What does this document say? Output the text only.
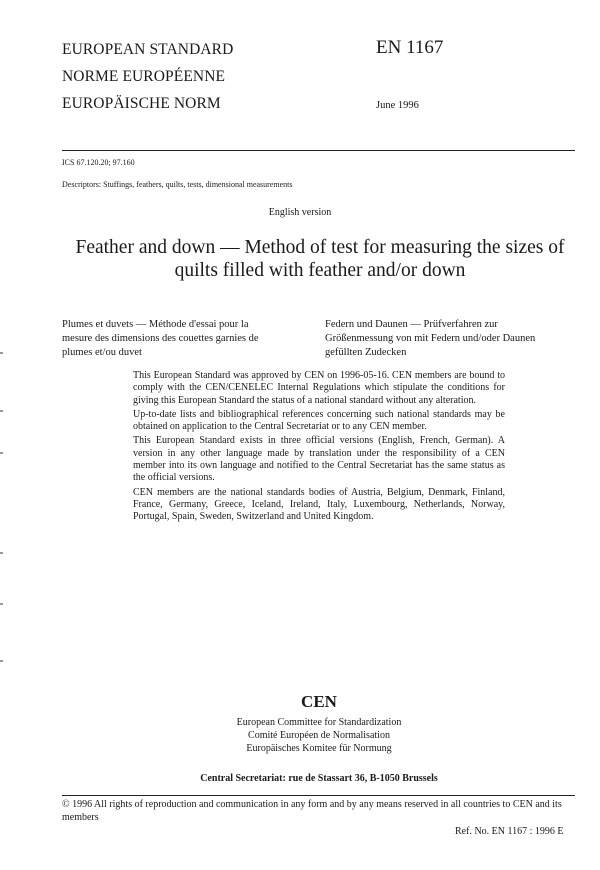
EUROPEAN STANDARD
NORME EUROPÉENNE
EUROPÄISCHE NORM
EN 1167
June 1996
ICS 67.120.20; 97.160
Descriptors: Stuffings, feathers, quilts, tests, dimensional measurements
English version
Feather and down — Method of test for measuring the sizes of
quilts filled with feather and/or down
Plumes et duvets — Méthode d'essai pour la
mesure des dimensions des couettes garnies de
plumes et/ou duvet
Federn und Daunen — Prüfverfahren zur
Größenmessung von mit Federn und/oder Daunen
gefüllten Zudecken

This European Standard was approved by CEN on 1996-05-16. CEN members are bound to comply with the CEN/CENELEC Internal Regulations which stipulate the conditions for giving this European Standard the status of a national standard without any alteration.

Up-to-date lists and bibliographical references concerning such national standards may be obtained on application to the Central Secretariat or to any CEN member.

This European Standard exists in three official versions (English, French, German). A version in any other language made by translation under the responsibility of a CEN member into its own language and notified to the Central Secretariat has the same status as the official versions.

CEN members are the national standards bodies of Austria, Belgium, Denmark, Finland, France, Germany, Greece, Iceland, Ireland, Italy, Luxembourg, Netherlands, Norway, Portugal, Spain, Sweden, Switzerland and United Kingdom.

CEN
European Committee for Standardization
Comité Européen de Normalisation
Europäisches Komitee für Normung
Central Secretariat: rue de Stassart 36, B-1050 Brussels
© 1996 All rights of reproduction and communication in any form and by any means reserved in all countries to CEN and its members
Ref. No. EN 1167 : 1996 E
